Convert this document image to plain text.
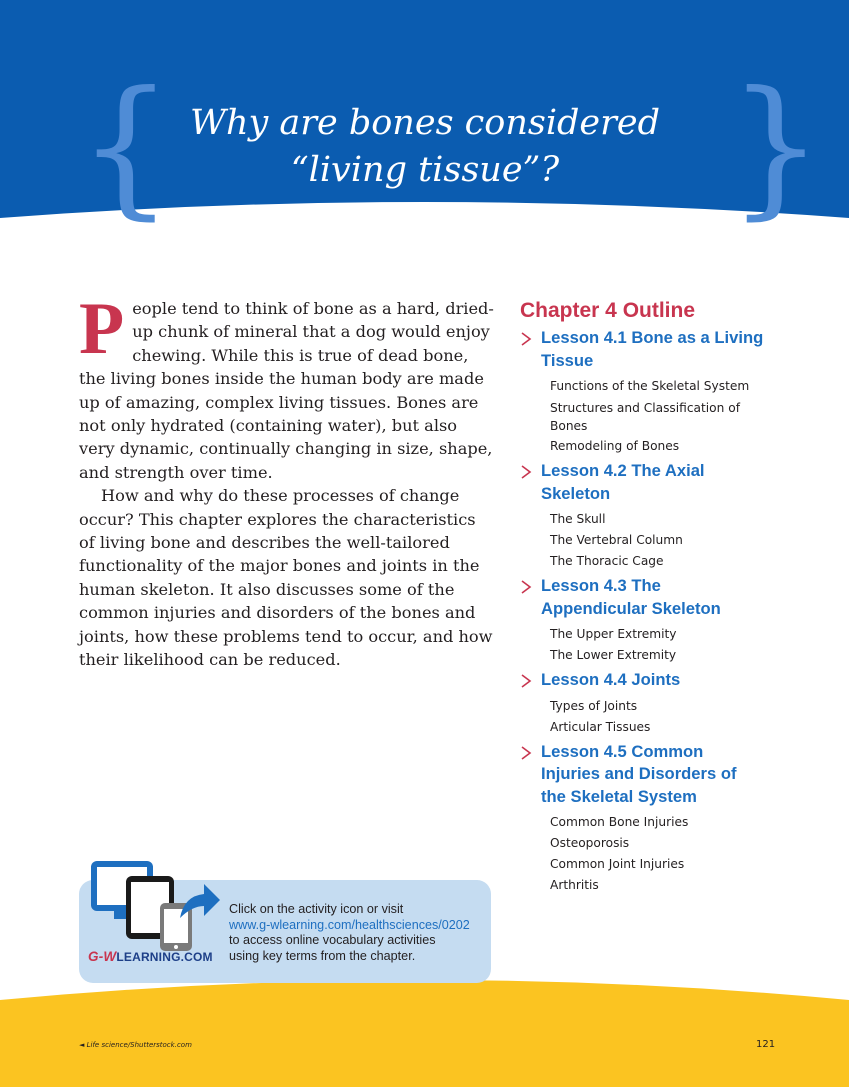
{	}
Why are bones considered
“living tissue”?

People tend to think of bone as a hard, dried-up chunk of mineral that a dog would enjoy chewing. While this is true of dead bone, the living bones inside the human body are made up of amazing, complex living tissues. Bones are not only hydrated (containing water), but also very dynamic, continually changing in size, shape, and strength over time.

How and why do these processes of change occur? This chapter explores the characteristics of living bone and describes the well-tailored functionality of the major bones and joints in the human skeleton. It also discusses some of the common injuries and disorders of the bones and joints, how these problems tend to occur, and how their likelihood can be reduced.

Chapter 4 Outline
Lesson 4.1 Bone as a Living Tissue
Functions of the Skeletal System
Structures and Classification of Bones
Remodeling of Bones
Lesson 4.2 The Axial Skeleton
The Skull
The Vertebral Column
The Thoracic Cage
Lesson 4.3 The Appendicular Skeleton
The Upper Extremity
The Lower Extremity
Lesson 4.4 Joints
Types of Joints
Articular Tissues
Lesson 4.5 Common Injuries and Disorders of the Skeletal System
Common Bone Injuries
Osteoporosis
Common Joint Injuries
Arthritis
Click on the activity icon or visit
www.g-wlearning.com/healthsciences/0202
to access online vocabulary activities
using key terms from the chapter.
G-WLEARNING.COM
◄ Life science/Shutterstock.com	121
